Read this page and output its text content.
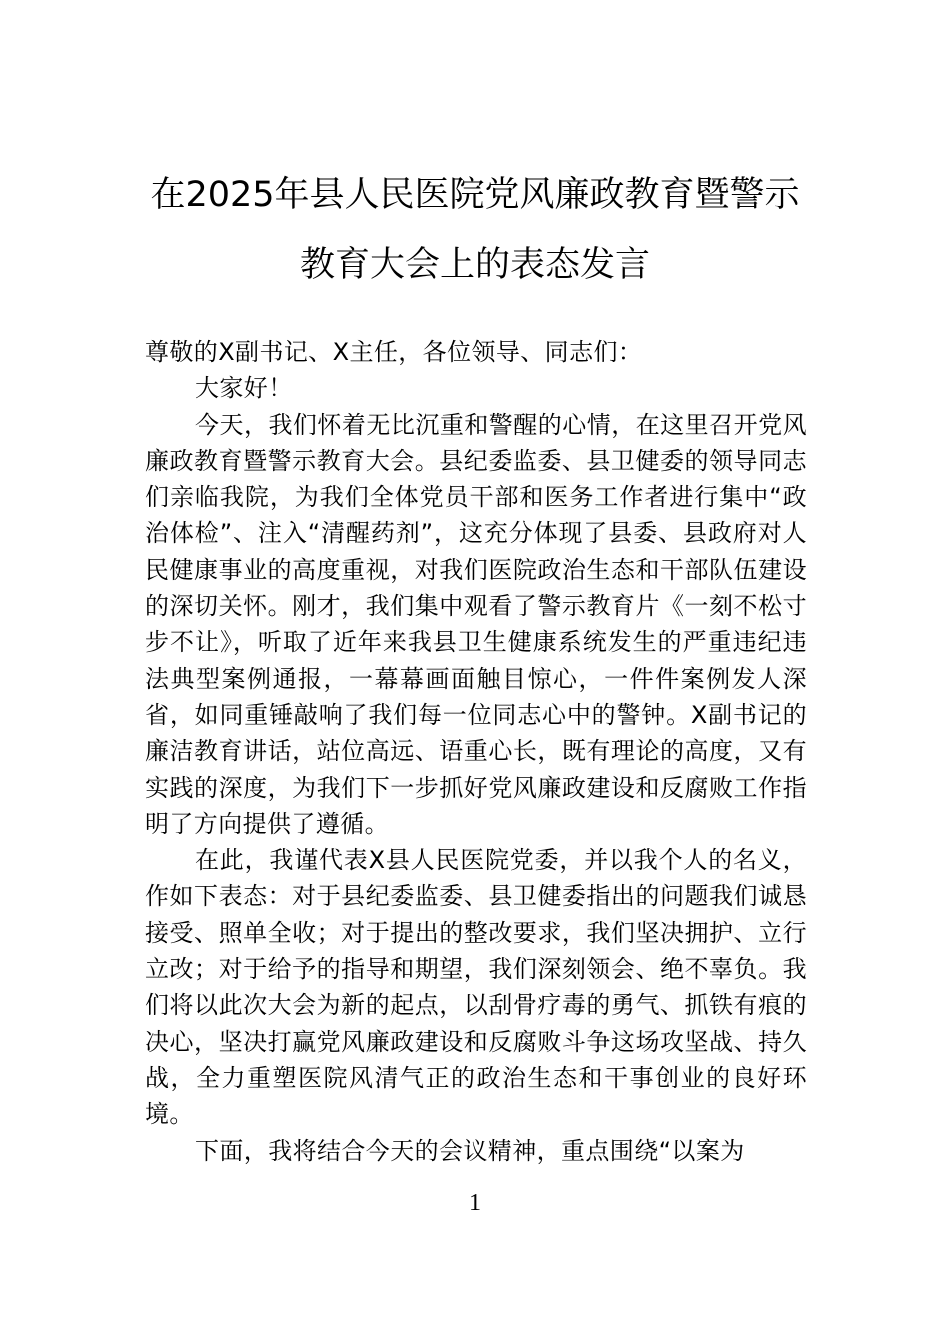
在2025年县人民医院党风廉政教育暨警示
教育大会上的表态发言

尊敬的X副书记、X主任，各位领导、同志们：

大家好！

今天，我们怀着无比沉重和警醒的心情，在这里召开党风廉政教育暨警示教育大会。县纪委监委、县卫健委的领导同志们亲临我院，为我们全体党员干部和医务工作者进行集中“政治体检”、注入“清醒药剂”，这充分体现了县委、县政府对人民健康事业的高度重视，对我们医院政治生态和干部队伍建设的深切关怀。刚才，我们集中观看了警示教育片《一刻不松寸步不让》，听取了近年来我县卫生健康系统发生的严重违纪违法典型案例通报，一幕幕画面触目惊心，一件件案例发人深省，如同重锤敲响了我们每一位同志心中的警钟。X副书记的廉洁教育讲话，站位高远、语重心长，既有理论的高度，又有实践的深度，为我们下一步抓好党风廉政建设和反腐败工作指明了方向提供了遵循。

在此，我谨代表X县人民医院党委，并以我个人的名义，作如下表态：对于县纪委监委、县卫健委指出的问题我们诚恳接受、照单全收；对于提出的整改要求，我们坚决拥护、立行立改；对于给予的指导和期望，我们深刻领会、绝不辜负。我们将以此次大会为新的起点，以刮骨疗毒的勇气、抓铁有痕的决心，坚决打赢党风廉政建设和反腐败斗争这场攻坚战、持久战，全力重塑医院风清气正的政治生态和干事创业的良好环境。

下面，我将结合今天的会议精神，重点围绕“以案为

1
